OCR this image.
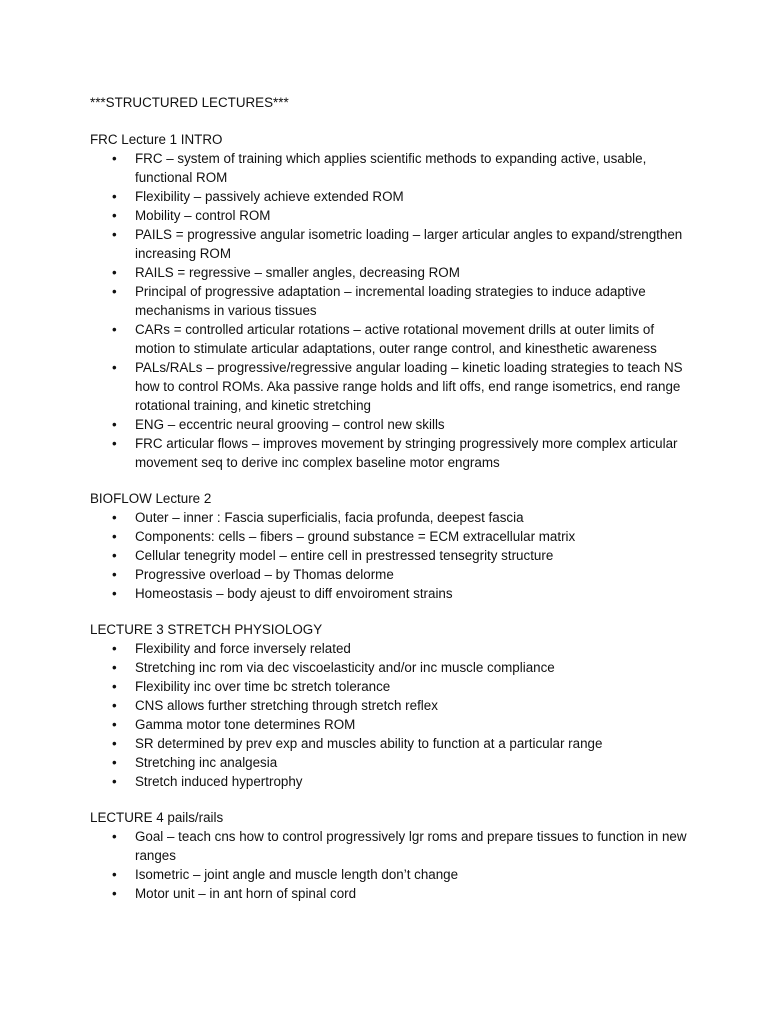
***STRUCTURED LECTURES***
FRC Lecture 1 INTRO
• FRC – system of training which applies scientific methods to expanding active, usable, functional ROM
• Flexibility – passively achieve extended ROM
• Mobility – control ROM
• PAILS = progressive angular isometric loading – larger articular angles to expand/strengthen increasing ROM
• RAILS = regressive – smaller angles, decreasing ROM
• Principal of progressive adaptation – incremental loading strategies to induce adaptive mechanisms in various tissues
• CARs = controlled articular rotations – active rotational movement drills at outer limits of motion to stimulate articular adaptations, outer range control, and kinesthetic awareness
• PALs/RALs – progressive/regressive angular loading – kinetic loading strategies to teach NS how to control ROMs. Aka passive range holds and lift offs, end range isometrics, end range rotational training, and kinetic stretching
• ENG – eccentric neural grooving – control new skills
• FRC articular flows – improves movement by stringing progressively more complex articular movement seq to derive inc complex baseline motor engrams
BIOFLOW Lecture 2
• Outer – inner : Fascia superficialis, facia profunda, deepest fascia
• Components: cells – fibers – ground substance = ECM extracellular matrix
• Cellular tenegrity model – entire cell in prestressed tensegrity structure
• Progressive overload – by Thomas delorme
• Homeostasis – body ajeust to diff envoiroment strains
LECTURE 3 STRETCH PHYSIOLOGY
• Flexibility and force inversely related
• Stretching inc rom via dec viscoelasticity and/or inc muscle compliance
• Flexibility inc over time bc stretch tolerance
• CNS allows further stretching through stretch reflex
• Gamma motor tone determines ROM
• SR determined by prev exp and muscles ability to function at a particular range
• Stretching inc analgesia
• Stretch induced hypertrophy
LECTURE 4 pails/rails
• Goal – teach cns how to control progressively lgr roms and prepare tissues to function in new ranges
• Isometric – joint angle and muscle length don’t change
• Motor unit – in ant horn of spinal cord
